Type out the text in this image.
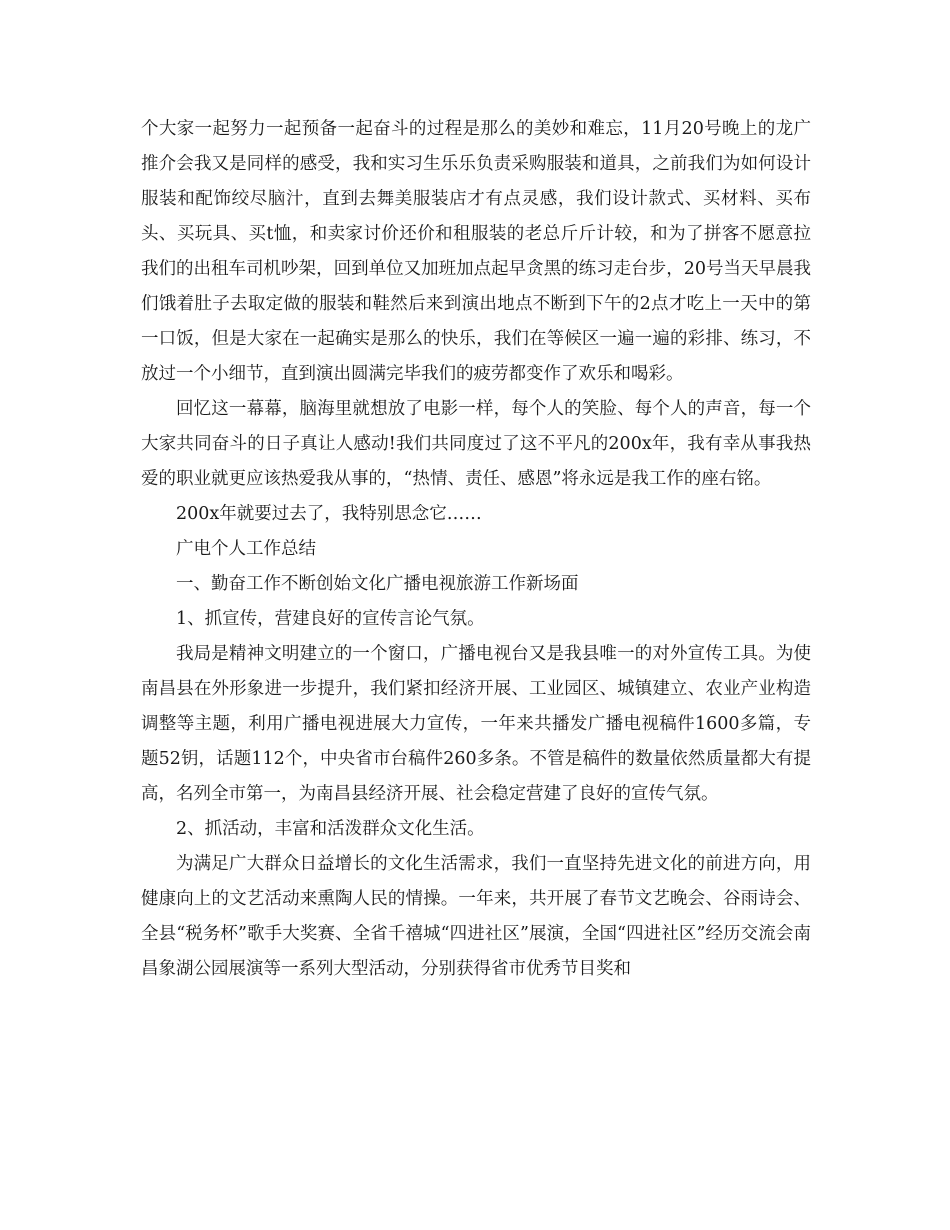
个大家一起努力一起预备一起奋斗的过程是那么的美妙和难忘，11月20号晚上的龙广推介会我又是同样的感受，我和实习生乐乐负责采购服装和道具，之前我们为如何设计服装和配饰绞尽脑汁，直到去舞美服装店才有点灵感，我们设计款式、买材料、买布头、买玩具、买t恤，和卖家讨价还价和租服装的老总斤斤计较，和为了拼客不愿意拉我们的出租车司机吵架，回到单位又加班加点起早贪黑的练习走台步，20号当天早晨我们饿着肚子去取定做的服装和鞋然后来到演出地点不断到下午的2点才吃上一天中的第一口饭，但是大家在一起确实是那么的快乐，我们在等候区一遍一遍的彩排、练习，不放过一个小细节，直到演出圆满完毕我们的疲劳都变作了欢乐和喝彩。

回忆这一幕幕，脑海里就想放了电影一样，每个人的笑脸、每个人的声音，每一个大家共同奋斗的日子真让人感动!我们共同度过了这不平凡的200x年，我有幸从事我热爱的职业就更应该热爱我从事的，“热情、责任、感恩”将永远是我工作的座右铭。

200x年就要过去了，我特别思念它……

广电个人工作总结

一、勤奋工作不断创始文化广播电视旅游工作新场面

1、抓宣传，营建良好的宣传言论气氛。

我局是精神文明建立的一个窗口，广播电视台又是我县唯一的对外宣传工具。为使南昌县在外形象进一步提升，我们紧扣经济开展、工业园区、城镇建立、农业产业构造调整等主题，利用广播电视进展大力宣传，一年来共播发广播电视稿件1600多篇，专题52钥，话题112个，中央省市台稿件260多条。不管是稿件的数量依然质量都大有提高，名列全市第一，为南昌县经济开展、社会稳定营建了良好的宣传气氛。

2、抓活动，丰富和活泼群众文化生活。

为满足广大群众日益增长的文化生活需求，我们一直坚持先进文化的前进方向，用健康向上的文艺活动来熏陶人民的情操。一年来，共开展了春节文艺晚会、谷雨诗会、全县“税务杯”歌手大奖赛、全省千禧城“四进社区”展演，全国“四进社区”经历交流会南昌象湖公园展演等一系列大型活动，分别获得省市优秀节目奖和
